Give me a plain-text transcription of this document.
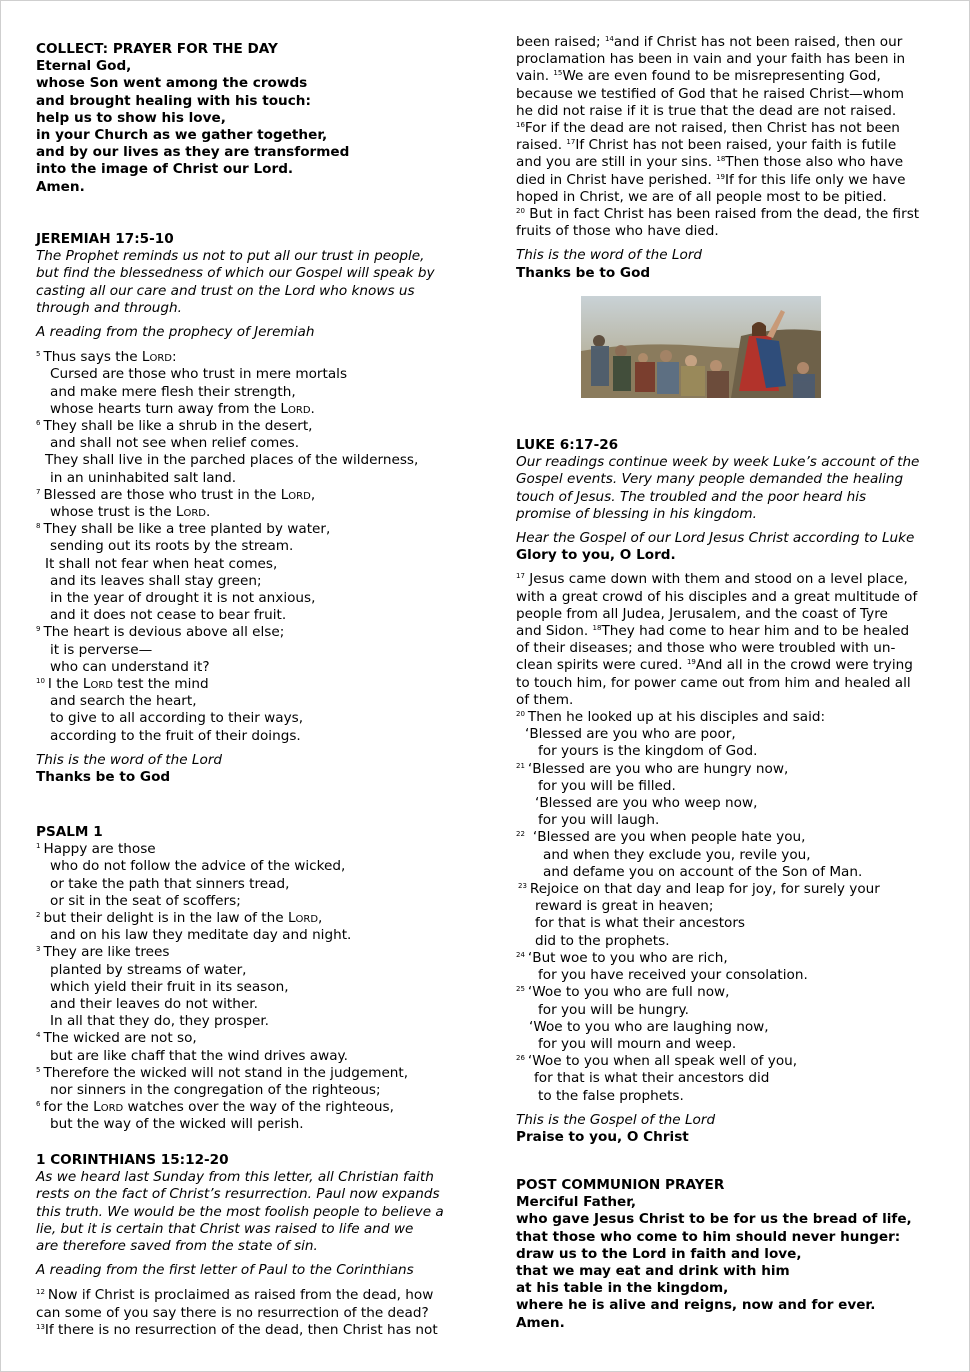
COLLECT: PRAYER FOR THE DAY

Eternal God,

whose Son went among the crowds

and brought healing with his touch:

help us to show his love,

in your Church as we gather together,

and by our lives as they are transformed

into the image of Christ our Lord.

Amen.

JEREMIAH 17:5-10

The Prophet reminds us not to put all our trust in people,

but find the blessedness of which our Gospel will speak by

casting all our care and trust on the Lord who knows us

through and through.

A reading from the prophecy of Jeremiah

$^5$ Thus says the Lord:

Cursed are those who trust in mere mortals

and make mere flesh their strength,

whose hearts turn away from the Lord.

$^6$ They shall be like a shrub in the desert,

and shall not see when relief comes.

They shall live in the parched places of the wilderness,

in an uninhabited salt land.

$^7$ Blessed are those who trust in the Lord,

whose trust is the Lord.

$^8$ They shall be like a tree planted by water,

sending out its roots by the stream.

It shall not fear when heat comes,

and its leaves shall stay green;

in the year of drought it is not anxious,

and it does not cease to bear fruit.

$^9$ The heart is devious above all else;

it is perverse—

who can understand it?

$^{10}$ I the Lord test the mind

and search the heart,

to give to all according to their ways,

according to the fruit of their doings.

This is the word of the Lord

Thanks be to God

PSALM 1

$^1$ Happy are those

who do not follow the advice of the wicked,

or take the path that sinners tread,

or sit in the seat of scoffers;

$^2$ but their delight is in the law of the Lord,

and on his law they meditate day and night.

$^3$ They are like trees

planted by streams of water,

which yield their fruit in its season,

and their leaves do not wither.

In all that they do, they prosper.

$^4$ The wicked are not so,

but are like chaff that the wind drives away.

$^5$ Therefore the wicked will not stand in the judgement,

nor sinners in the congregation of the righteous;

$^6$ for the Lord watches over the way of the righteous,

but the way of the wicked will perish.

1 CORINTHIANS 15:12-20

As we heard last Sunday from this letter, all Christian faith

rests on the fact of Christ’s resurrection. Paul now expands

this truth. We would be the most foolish people to believe a

lie, but it is certain that Christ was raised to life and we

are therefore saved from the state of sin.

A reading from the first letter of Paul to the Corinthians

$^{12}$ Now if Christ is proclaimed as raised from the dead, how

can some of you say there is no resurrection of the dead?

$^{13}$If there is no resurrection of the dead, then Christ has not

been raised; $^{14}$and if Christ has not been raised, then our

proclamation has been in vain and your faith has been in

vain. $^{15}$We are even found to be misrepresenting God,

because we testified of God that he raised Christ—whom

he did not raise if it is true that the dead are not raised.

$^{16}$For if the dead are not raised, then Christ has not been

raised. $^{17}$If Christ has not been raised, your faith is futile

and you are still in your sins. $^{18}$Then those also who have

died in Christ have perished. $^{19}$If for this life only we have

hoped in Christ, we are of all people most to be pitied.

$^{20}$ But in fact Christ has been raised from the dead, the first

fruits of those who have died.

This is the word of the Lord

Thanks be to God

LUKE 6:17-26

Our readings continue week by week Luke’s account of the

Gospel events. Very many people demanded the healing

touch of Jesus. The troubled and the poor heard his

promise of blessing in his kingdom.

Hear the Gospel of our Lord Jesus Christ according to Luke

Glory to you, O Lord.

$^{17}$ Jesus came down with them and stood on a level place,

with a great crowd of his disciples and a great multitude of

people from all Judea, Jerusalem, and the coast of Tyre

and Sidon. $^{18}$They had come to hear him and to be healed

of their diseases; and those who were troubled with un-

clean spirits were cured. $^{19}$And all in the crowd were trying

to touch him, for power came out from him and healed all

of them.

$^{20}$ Then he looked up at his disciples and said:

‘Blessed are you who are poor,

for yours is the kingdom of God.

$^{21}$ ‘Blessed are you who are hungry now,

for you will be filled.

‘Blessed are you who weep now,

for you will laugh.

$^{22}$ ‘Blessed are you when people hate you,

and when they exclude you, revile you,

and defame you on account of the Son of Man.

$^{23}$ Rejoice on that day and leap for joy, for surely your

reward is great in heaven;

for that is what their ancestors

did to the prophets.

$^{24}$ ‘But woe to you who are rich,

for you have received your consolation.

$^{25}$ ‘Woe to you who are full now,

for you will be hungry.

‘Woe to you who are laughing now,

for you will mourn and weep.

$^{26}$ ‘Woe to you when all speak well of you,

for that is what their ancestors did

to the false prophets.

This is the Gospel of the Lord

Praise to you, O Christ

POST COMMUNION PRAYER

Merciful Father,

who gave Jesus Christ to be for us the bread of life,

that those who come to him should never hunger:

draw us to the Lord in faith and love,

that we may eat and drink with him

at his table in the kingdom,

where he is alive and reigns, now and for ever.

Amen.
